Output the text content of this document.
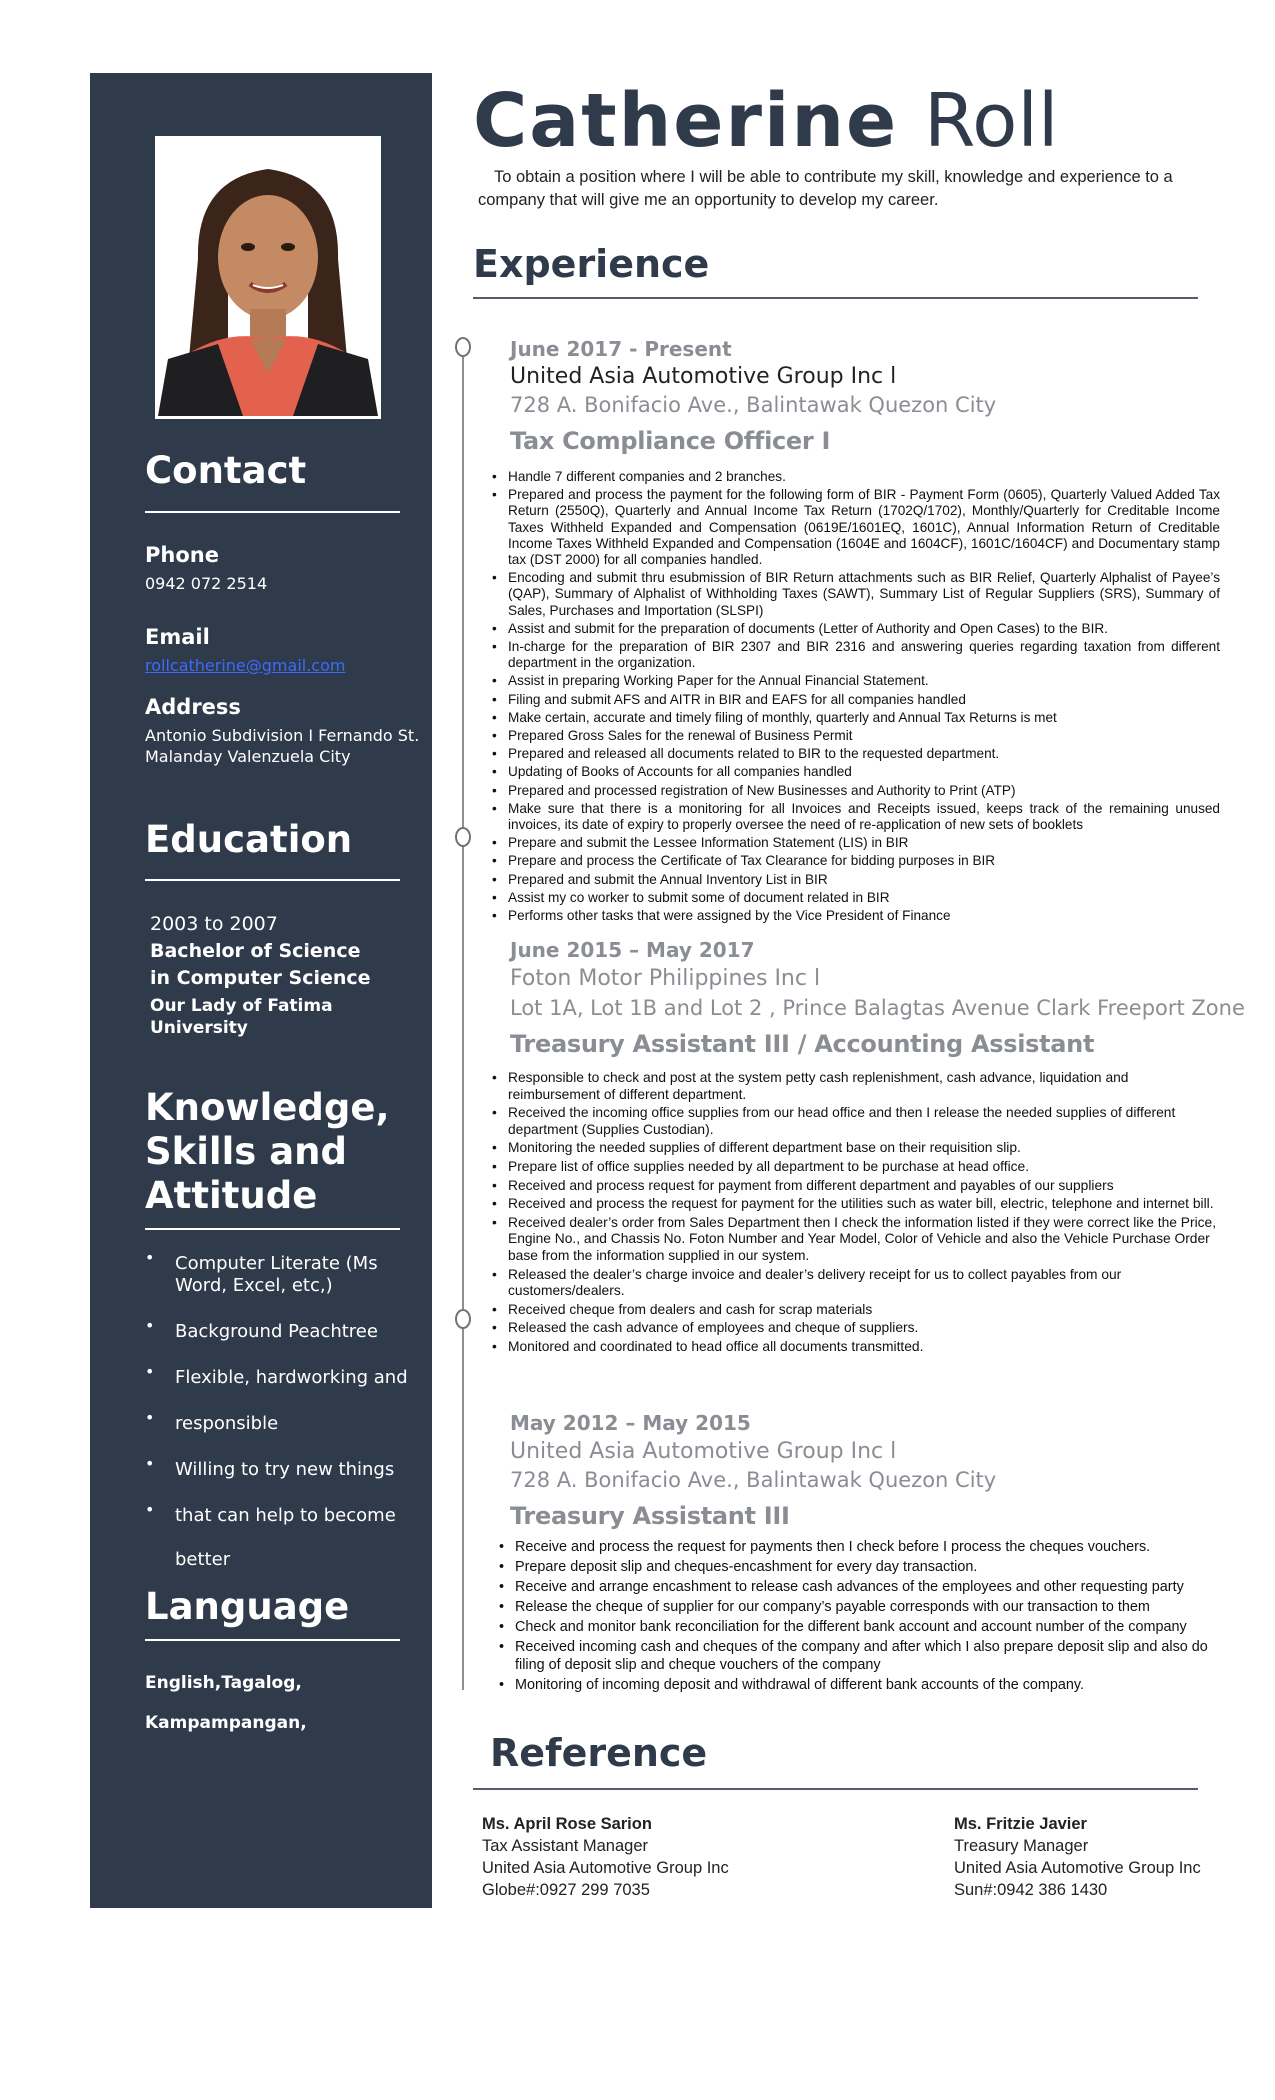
Contact
Phone
0942 072 2514
Email
rollcatherine@gmail.com
Address
Antonio Subdivision I Fernando St.
Malanday Valenzuela City
Education
2003 to 2007
Bachelor of Science
in Computer Science
Our Lady of Fatima
University
Knowledge,
Skills and
Attitude
• Computer Literate (Ms Word, Excel, etc,)
• Background Peachtree
• Flexible, hardworking and
• responsible
• Willing to try new things
• that can help to become
better
Language
English,Tagalog,
Kampampangan,
Catherine Roll

To obtain a position where I will be able to contribute my skill, knowledge and experience to a company that will give me an opportunity to develop my career.

Experience
June 2017 - Present
United Asia Automotive Group Inc l
728 A. Bonifacio Ave., Balintawak Quezon City
Tax Compliance Officer I
• Handle 7 different companies and 2 branches.
• Prepared and process the payment for the following form of BIR - Payment Form (0605), Quarterly Valued Added Tax Return (2550Q), Quarterly and Annual Income Tax Return (1702Q/1702), Monthly/Quarterly for Creditable Income Taxes Withheld Expanded and Compensation (0619E/1601EQ, 1601C), Annual Information Return of Creditable Income Taxes Withheld Expanded and Compensation (1604E and 1604CF), 1601C/1604CF) and Documentary stamp tax (DST 2000) for all companies handled.
• Encoding and submit thru esubmission of BIR Return attachments such as BIR Relief, Quarterly Alphalist of Payee’s (QAP), Summary of Alphalist of Withholding Taxes (SAWT), Summary List of Regular Suppliers (SRS), Summary of Sales, Purchases and Importation (SLSPI)
• Assist and submit for the preparation of documents (Letter of Authority and Open Cases) to the BIR.
• In-charge for the preparation of BIR 2307 and BIR 2316 and answering queries regarding taxation from different department in the organization.
• Assist in preparing Working Paper for the Annual Financial Statement.
• Filing and submit AFS and AITR in BIR and EAFS for all companies handled
• Make certain, accurate and timely filing of monthly, quarterly and Annual Tax Returns is met
• Prepared Gross Sales for the renewal of Business Permit
• Prepared and released all documents related to BIR to the requested department.
• Updating of Books of Accounts for all companies handled
• Prepared and processed registration of New Businesses and Authority to Print (ATP)
• Make sure that there is a monitoring for all Invoices and Receipts issued, keeps track of the remaining unused invoices, its date of expiry to properly oversee the need of re-application of new sets of booklets
• Prepare and submit the Lessee Information Statement (LIS) in BIR
• Prepare and process the Certificate of Tax Clearance for bidding purposes in BIR
• Prepared and submit the Annual Inventory List in BIR
• Assist my co worker to submit some of document related in BIR
• Performs other tasks that were assigned by the Vice President of Finance
June 2015 – May 2017
Foton Motor Philippines Inc l
Lot 1A, Lot 1B and Lot 2 , Prince Balagtas Avenue Clark Freeport Zone
Treasury Assistant III / Accounting Assistant
• Responsible to check and post at the system petty cash replenishment, cash advance, liquidation and reimbursement of different department.
• Received the incoming office supplies from our head office and then I release the needed supplies of different department (Supplies Custodian).
• Monitoring the needed supplies of different department base on their requisition slip.
• Prepare list of office supplies needed by all department to be purchase at head office.
• Received and process request for payment from different department and payables of our suppliers
• Received and process the request for payment for the utilities such as water bill, electric, telephone and internet bill.
• Received dealer’s order from Sales Department then I check the information listed if they were correct like the Price, Engine No., and Chassis No. Foton Number and Year Model, Color of Vehicle and also the Vehicle Purchase Order base from the information supplied in our system.
• Released the dealer’s charge invoice and dealer’s delivery receipt for us to collect payables from our customers/dealers.
• Received cheque from dealers and cash for scrap materials
• Released the cash advance of employees and cheque of suppliers.
• Monitored and coordinated to head office all documents transmitted.
May 2012 – May 2015
United Asia Automotive Group Inc l
728 A. Bonifacio Ave., Balintawak Quezon City
Treasury Assistant III
• Receive and process the request for payments then I check before I process the cheques vouchers.
• Prepare deposit slip and cheques-encashment for every day transaction.
• Receive and arrange encashment to release cash advances of the employees and other requesting party
• Release the cheque of supplier for our company’s payable corresponds with our transaction to them
• Check and monitor bank reconciliation for the different bank account and account number of the company
• Received incoming cash and cheques of the company and after which I also prepare deposit slip and also do filing of deposit slip and cheque vouchers of the company
• Monitoring of incoming deposit and withdrawal of different bank accounts of the company.
Reference
Ms. April Rose Sarion
Tax Assistant Manager
United Asia Automotive Group Inc
Globe#:0927 299 7035
Ms. Fritzie Javier
Treasury Manager
United Asia Automotive Group Inc
Sun#:0942 386 1430
